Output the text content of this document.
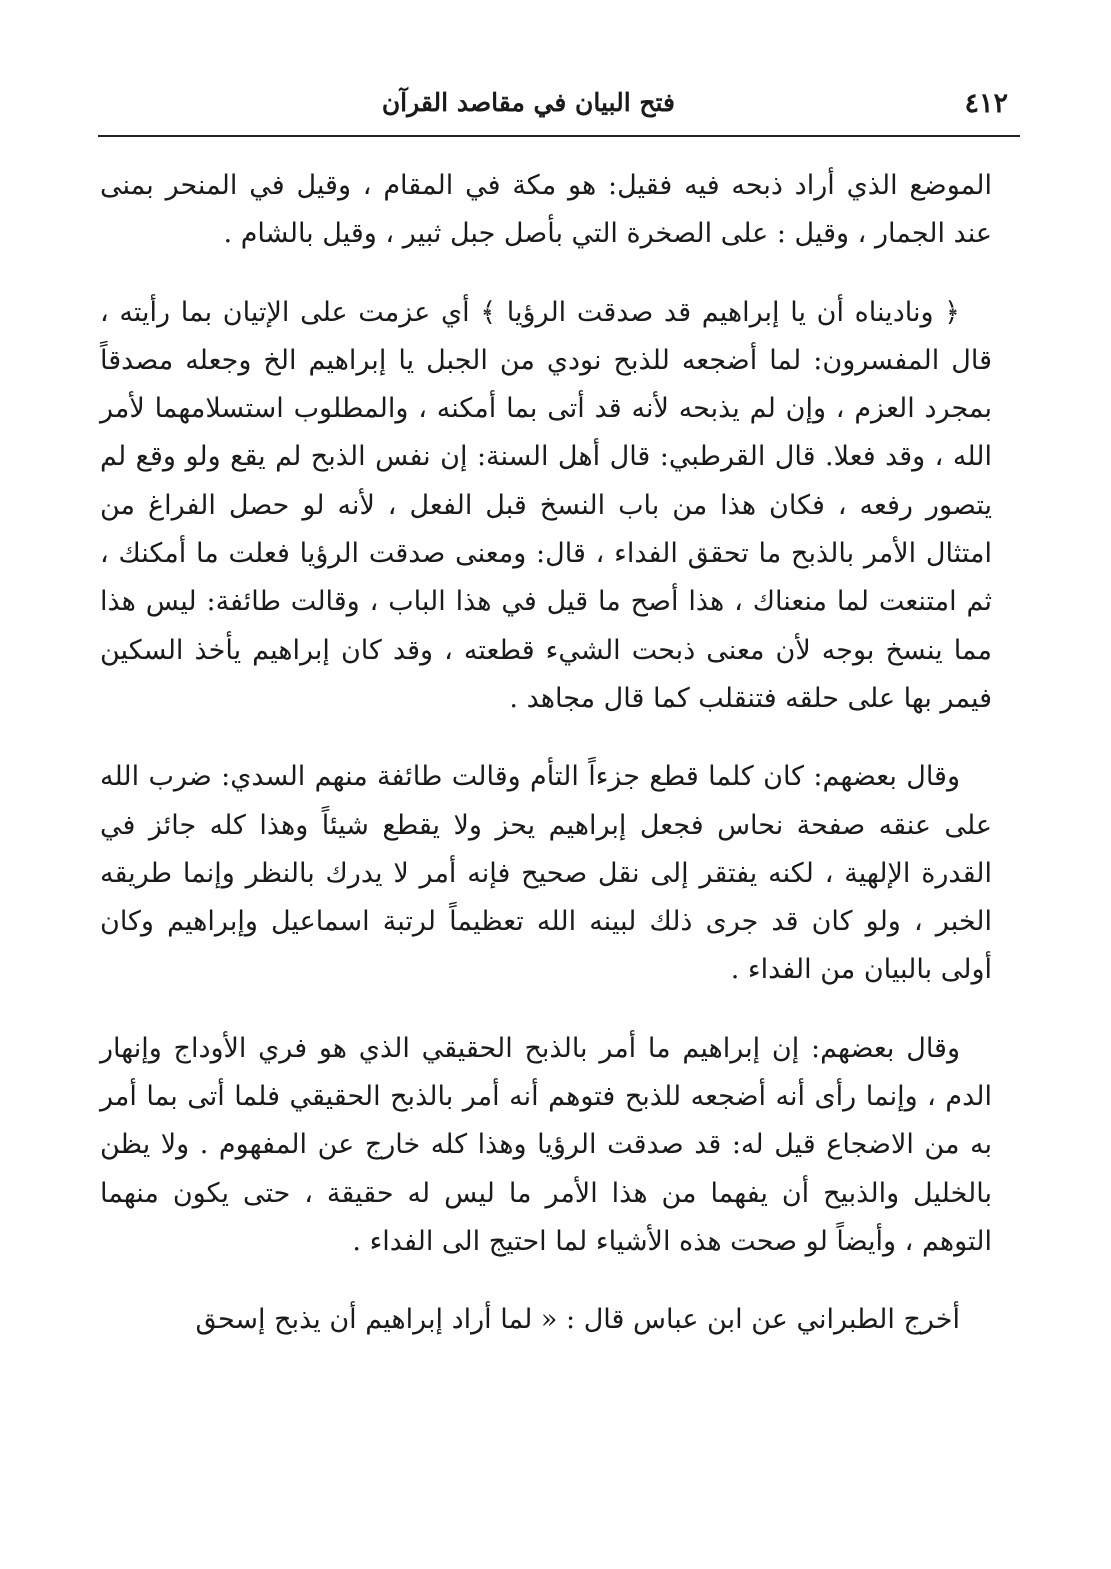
٤١٢
فتح البيان في مقاصد القرآن

الموضع الذي أراد ذبحه فيه فقيل: هو مكة في المقام ، وقيل في المنحر بمنى عند الجمار ، وقيل : على الصخرة التي بأصل جبل ثبير ، وقيل بالشام .

﴿ وناديناه أن يا إبراهيم قد صدقت الرؤيا ﴾ أي عزمت على الإتيان بما رأيته ، قال المفسرون: لما أضجعه للذبح نودي من الجبل يا إبراهيم الخ وجعله مصدقاً بمجرد العزم ، وإن لم يذبحه لأنه قد أتى بما أمكنه ، والمطلوب استسلامهما لأمر الله ، وقد فعلا. قال القرطبي: قال أهل السنة: إن نفس الذبح لم يقع ولو وقع لم يتصور رفعه ، فكان هذا من باب النسخ قبل الفعل ، لأنه لو حصل الفراغ من امتثال الأمر بالذبح ما تحقق الفداء ، قال: ومعنى صدقت الرؤيا فعلت ما أمكنك ، ثم امتنعت لما منعناك ، هذا أصح ما قيل في هذا الباب ، وقالت طائفة: ليس هذا مما ينسخ بوجه لأن معنى ذبحت الشيء قطعته ، وقد كان إبراهيم يأخذ السكين فيمر بها على حلقه فتنقلب كما قال مجاهد .

وقال بعضهم: كان كلما قطع جزءاً التأم وقالت طائفة منهم السدي: ضرب الله على عنقه صفحة نحاس فجعل إبراهيم يحز ولا يقطع شيئاً وهذا كله جائز في القدرة الإلهية ، لكنه يفتقر إلى نقل صحيح فإنه أمر لا يدرك بالنظر وإنما طريقه الخبر ، ولو كان قد جرى ذلك لبينه الله تعظيماً لرتبة اسماعيل وإبراهيم وكان أولى بالبيان من الفداء .

وقال بعضهم: إن إبراهيم ما أمر بالذبح الحقيقي الذي هو فري الأوداج وإنهار الدم ، وإنما رأى أنه أضجعه للذبح فتوهم أنه أمر بالذبح الحقيقي فلما أتى بما أمر به من الاضجاع قيل له: قد صدقت الرؤيا وهذا كله خارج عن المفهوم . ولا يظن بالخليل والذبيح أن يفهما من هذا الأمر ما ليس له حقيقة ، حتى يكون منهما التوهم ، وأيضاً لو صحت هذه الأشياء لما احتيج الى الفداء .

أخرج الطبراني عن ابن عباس قال : « لما أراد إبراهيم أن يذبح إسحق
